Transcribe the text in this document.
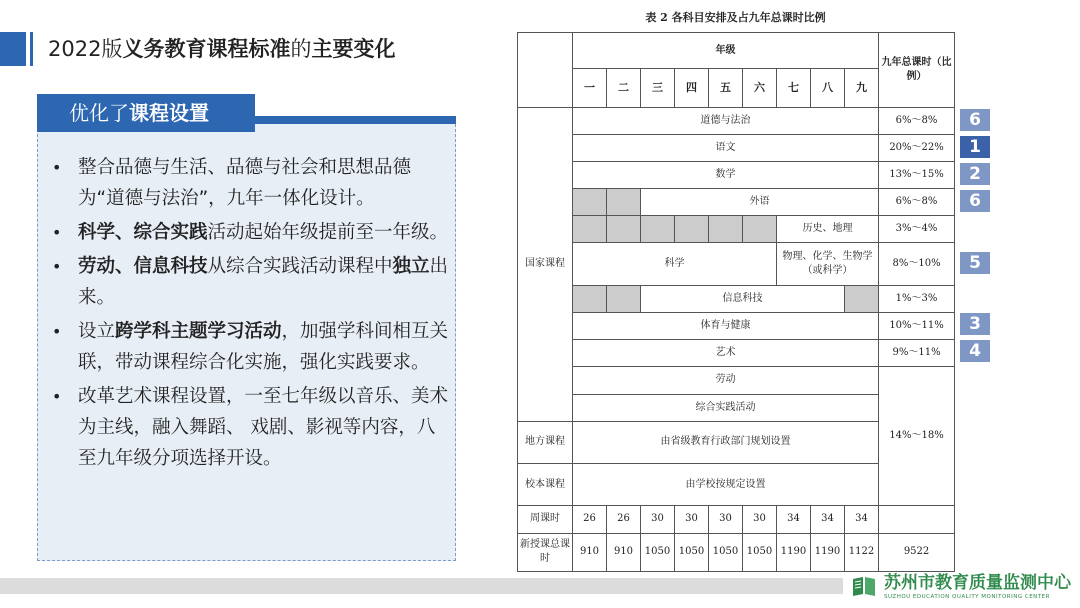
2022版义务教育课程标准的主要变化
优化了课程设置
• 整合品德与生活、品德与社会和思想品德为“道德与法治”，九年一体化设计。
• 科学、综合实践活动起始年级提前至一年级。
• 劳动、信息科技从综合实践活动课程中独立出来。
• 设立跨学科主题学习活动，加强学科间相互关联，带动课程综合化实施，强化实践要求。
• 改革艺术课程设置，一至七年级以音乐、美术为主线，融入舞蹈、 戏剧、影视等内容，八至九年级分项选择开设。
表 2 各科目安排及占九年总课时比例
	年级									九年总课时（比例）
	一	二	三	四	五	六	七	八	九	
国家课程	道德与法治									6%～8%
	语文									20%～22%
	数学									13%～15%
			外语							6%～8%
							历史、地理			3%～4%
	科学						物理、化学、生物学（或科学）			8%～10%
			信息科技							1%～3%
	体育与健康									10%～11%
	艺术									9%～11%
	劳动									14%～18%
	综合实践活动									
地方课程	由省级教育行政部门规划设置									
校本课程	由学校按规定设置									
周课时	26	26	30	30	30	30	34	34	34	
新授课总课时	910	910	1050	1050	1050	1050	1190	1190	1122	9522
6
1
2
6
5
3
4
苏州市教育质量监测中心
SUZHOU EDUCATION QUALITY MONITORING CENTER
